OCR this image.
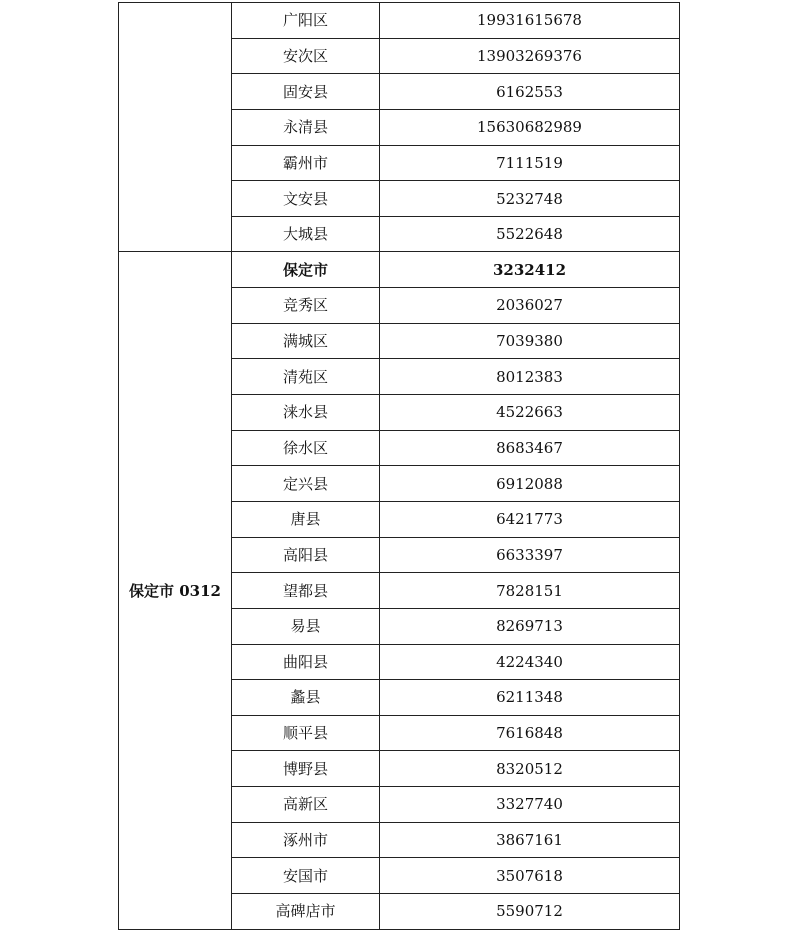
	广阳区	19931615678
	安次区	13903269376
	固安县	6162553
	永清县	15630682989
	霸州市	7111519
	文安县	5232748
	大城县	5522648
保定市 0312	保定市	3232412
	竞秀区	2036027
	满城区	7039380
	清苑区	8012383
	涞水县	4522663
	徐水区	8683467
	定兴县	6912088
	唐县	6421773
	高阳县	6633397
	望都县	7828151
	易县	8269713
	曲阳县	4224340
	蠡县	6211348
	顺平县	7616848
	博野县	8320512
	高新区	3327740
	涿州市	3867161
	安国市	3507618
	高碑店市	5590712
